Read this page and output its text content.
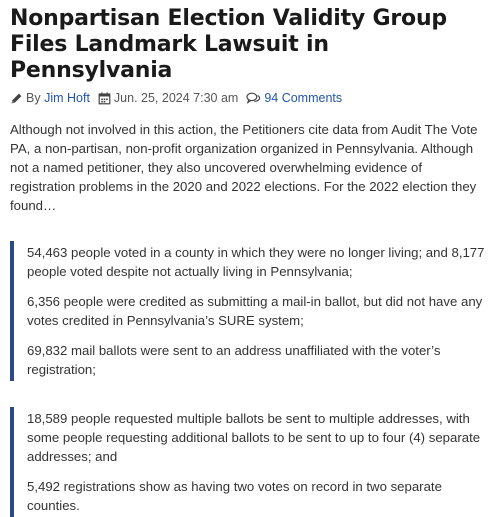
Nonpartisan Election Validity Group Files Landmark Lawsuit in Pennsylvania
By
Jim Hoft Jun. 25, 2024 7:30 am 94 Comments

Although not involved in this action, the Petitioners cite data from Audit The Vote PA, a non-partisan, non-profit organization organized in Pennsylvania. Although not a named petitioner, they also uncovered overwhelming evidence of registration problems in the 2020 and 2022 elections. For the 2022 election they found…

54,463 people voted in a county in which they were no longer living; and 8,177 people voted despite not actually living in Pennsylvania;

6,356 people were credited as submitting a mail-in ballot, but did not have any votes credited in Pennsylvania’s SURE system;

69,832 mail ballots were sent to an address unaffiliated with the voter’s registration;

18,589 people requested multiple ballots be sent to multiple addresses, with some people requesting additional ballots to be sent to up to four (4) separate addresses; and

5,492 registrations show as having two votes on record in two separate counties.
